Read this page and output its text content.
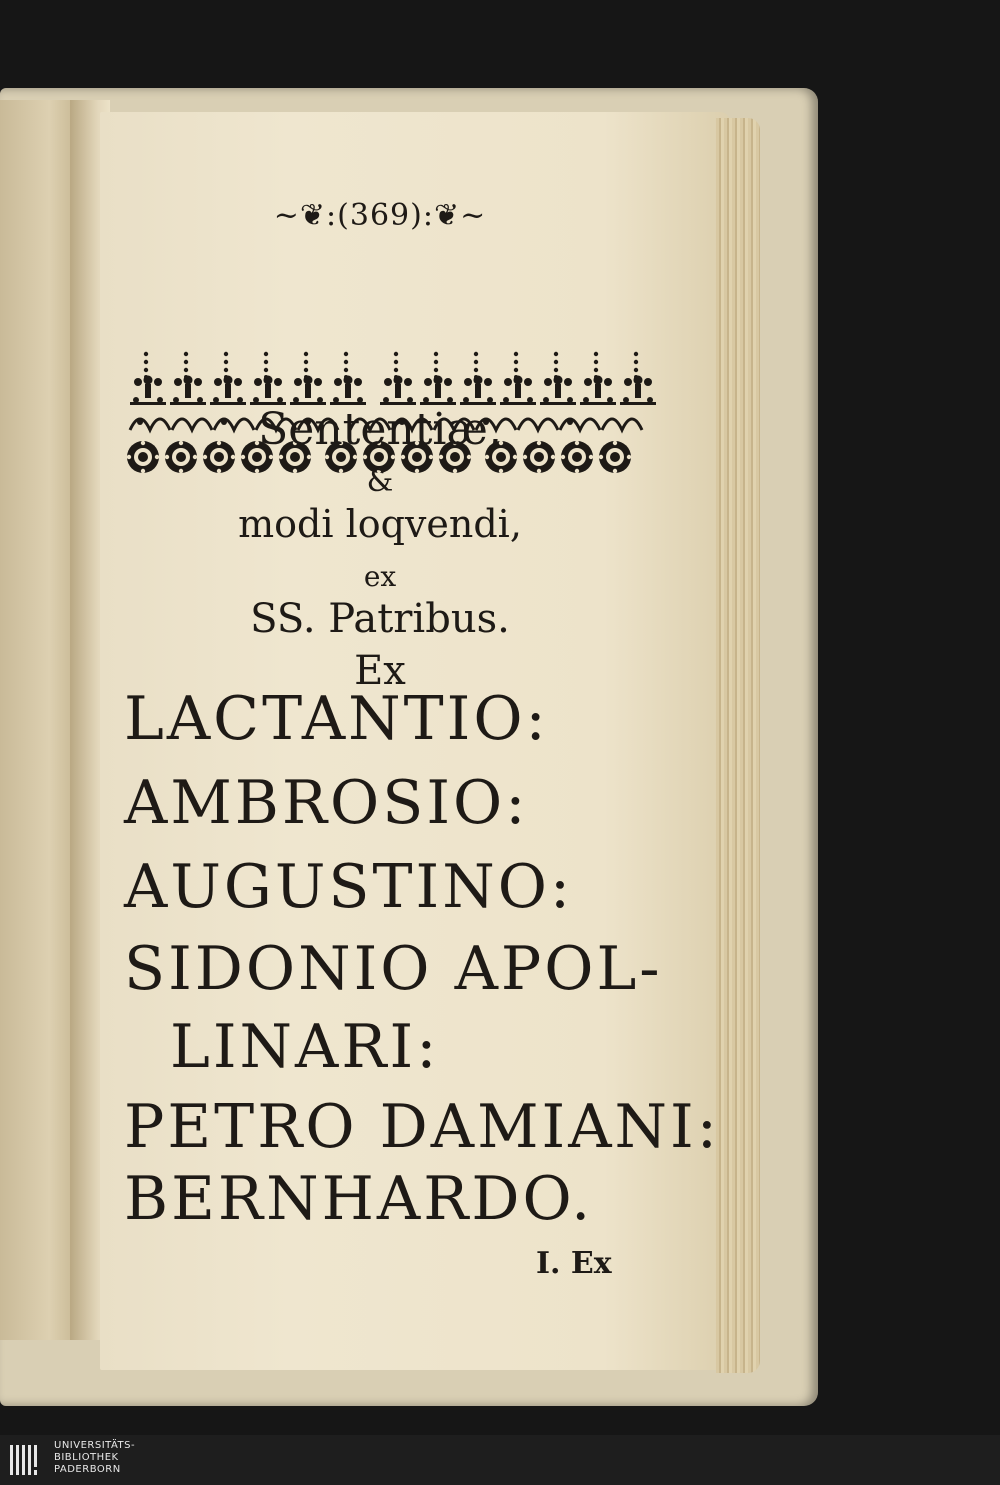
~❦:(369):❦~
Sententiæ,
&
modi loqvendi,
ex
SS. Patribus.
Ex
LACTANTIO:
AMBROSIO:
AUGUSTINO:
SIDONIO APOL-
LINARI:
PETRO DAMIANI:
BERNHARDO.
I. Ex
UNIVERSITÄTS-
BIBLIOTHEK
PADERBORN
